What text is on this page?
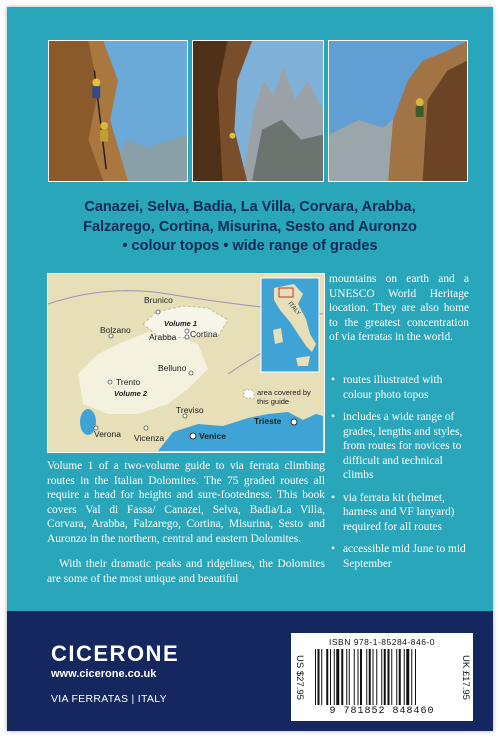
Canazei, Selva, Badia, La Villa, Corvara, Arabba,
Falzarego, Cortina, Misurina, Sesto and Auronzo
• colour topos • wide range of grades
Brunico
Bolzano
Volume 1
Arabba Cortina
Belluno
Trento
Volume 2
Treviso
Verona Vicenza	Venice
Trieste
area covered by
this guide
ITALY
mountains on earth and a UNESCO World Heritage location. They are also home to the greatest concentration of via ferratas in the world.
• routes illustrated with colour photo topos
• includes a wide range of grades, lengths and styles, from routes for novices to difficult and technical climbs
• via ferrata kit (helmet, harness and VF lanyard) required for all routes
• accessible mid June to mid September
Volume 1 of a two-volume guide to via ferrata climbing routes in the Italian Dolomites. The 75 graded routes all require a head for heights and sure-footedness. This book covers Val di Fassa/ Canazei, Selva, Badia/La Villa, Corvara, Arabba, Falzarego, Cortina, Misurina, Sesto and Auronzo in the northern, central and eastern Dolomites.
With their dramatic peaks and ridgelines, the Dolomites are some of the most unique and beautiful
CICERONE
www.cicerone.co.uk
VIA FERRATAS | ITALY	US $27.95	UK £17.95
ISBN 978-1-85284-846-0
9 781852 848460
